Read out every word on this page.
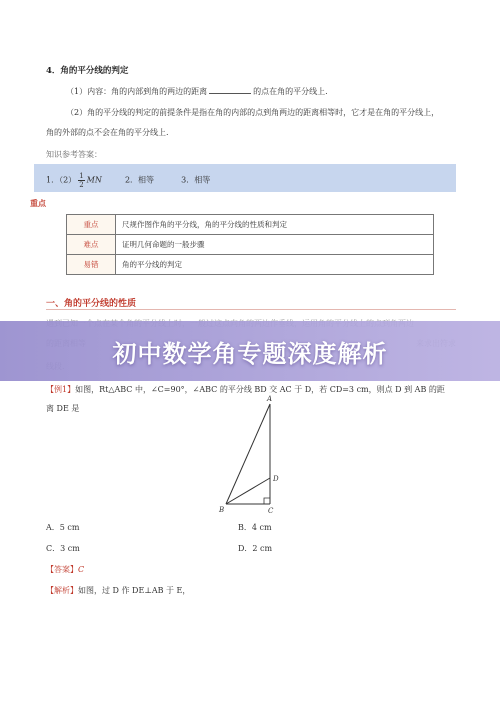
4．角的平分线的判定
（1）内容：角的内部到角的两边的距离	的点在角的平分线上.
（2）角的平分线的判定的前提条件是指在角的内部的点到角两边的距离相等时，它才是在角的平分线上，
角的外部的点不会在角的平分线上.
知识参考答案：
1．$(2) \frac{1}{2}$ MN	2．相等	3．相等
重点
重点	尺规作图作角的平分线，角的平分线的性质和判定
难点	证明几何命题的一般步骤
易错	角的平分线的判定
一、角的平分线的性质
初中数学角专题深度解析
【例1】如图，Rt△ABC 中，∠C=90°，∠ABC 的平分线 BD 交 AC 于 D，若 CD=3 cm，则点 D 到 AB 的距
离 DE 是
A
B	C
D
A．5 cm	B．4 cm
C．3 cm	D．2 cm
【答案】C
【解析】如图，过 D 作 DE⊥AB 于 E，
